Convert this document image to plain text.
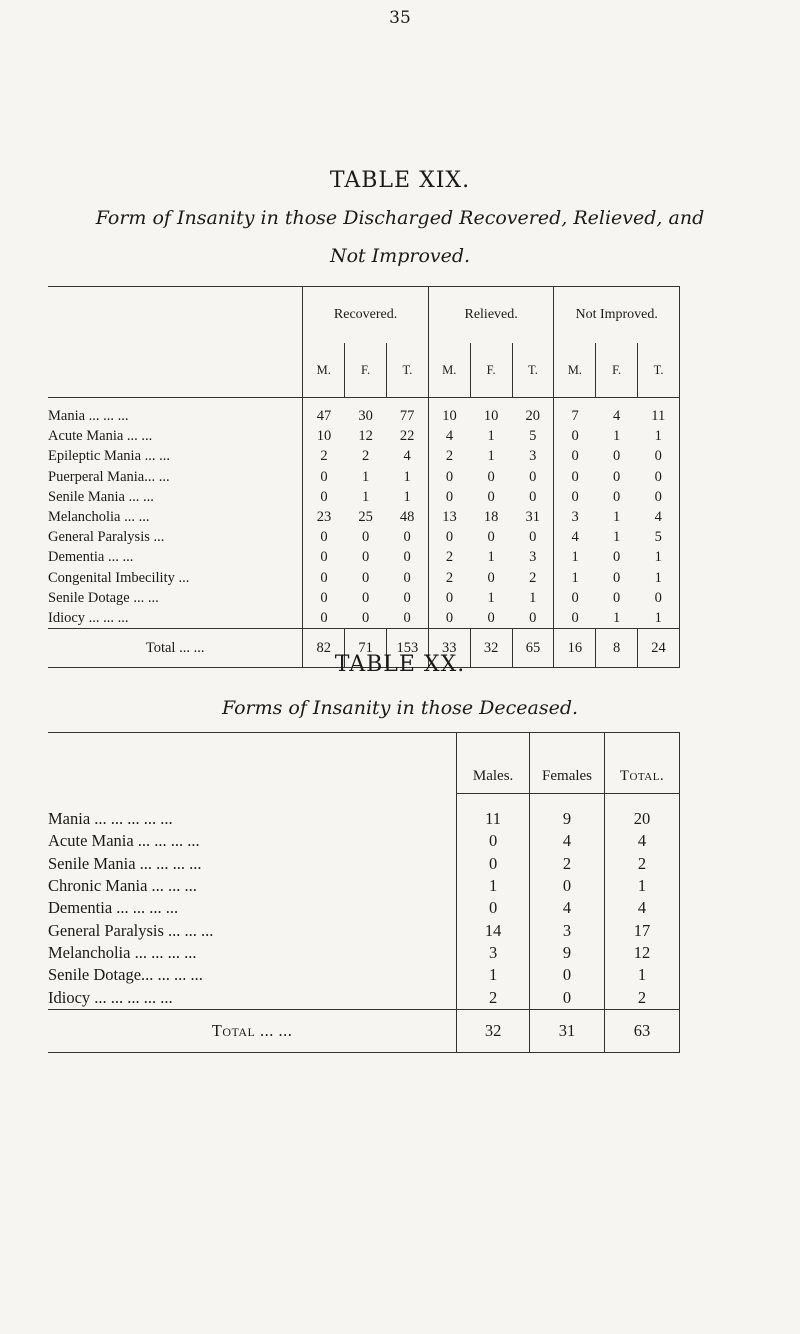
35
TABLE XIX.
Form of Insanity in those Discharged Recovered, Relieved, and
Not Improved.
	Recovered.			Relieved.			Not Improved.		
	M.	F.	T.	M.	F.	T.	M.	F.	T.
Mania ... ... ...	47	30	77	10	10	20	7	4	11
Acute Mania ... ...	10	12	22	4	1	5	0	1	1
Epileptic Mania ... ...	2	2	4	2	1	3	0	0	0
Puerperal Mania... ...	0	1	1	0	0	0	0	0	0
Senile Mania ... ...	0	1	1	0	0	0	0	0	0
Melancholia ... ...	23	25	48	13	18	31	3	1	4
General Paralysis ...	0	0	0	0	0	0	4	1	5
Dementia ... ...	0	0	0	2	1	3	1	0	1
Congenital Imbecility ...	0	0	0	2	0	2	1	0	1
Senile Dotage ... ...	0	0	0	0	1	1	0	0	0
Idiocy ... ... ...	0	0	0	0	0	0	0	1	1
Total ... ...	82	71	153	33	32	65	16	8	24
TABLE XX.
Forms of Insanity in those Deceased.
	Males.	Females	Total.
Mania ... ... ... ... ...	11	9	20
Acute Mania ... ... ... ...	0	4	4
Senile Mania ... ... ... ...	0	2	2
Chronic Mania ... ... ...	1	0	1
Dementia ... ... ... ...	0	4	4
General Paralysis ... ... ...	14	3	17
Melancholia ... ... ... ...	3	9	12
Senile Dotage... ... ... ...	1	0	1
Idiocy ... ... ... ... ...	2	0	2
Total ... ...	32	31	63
